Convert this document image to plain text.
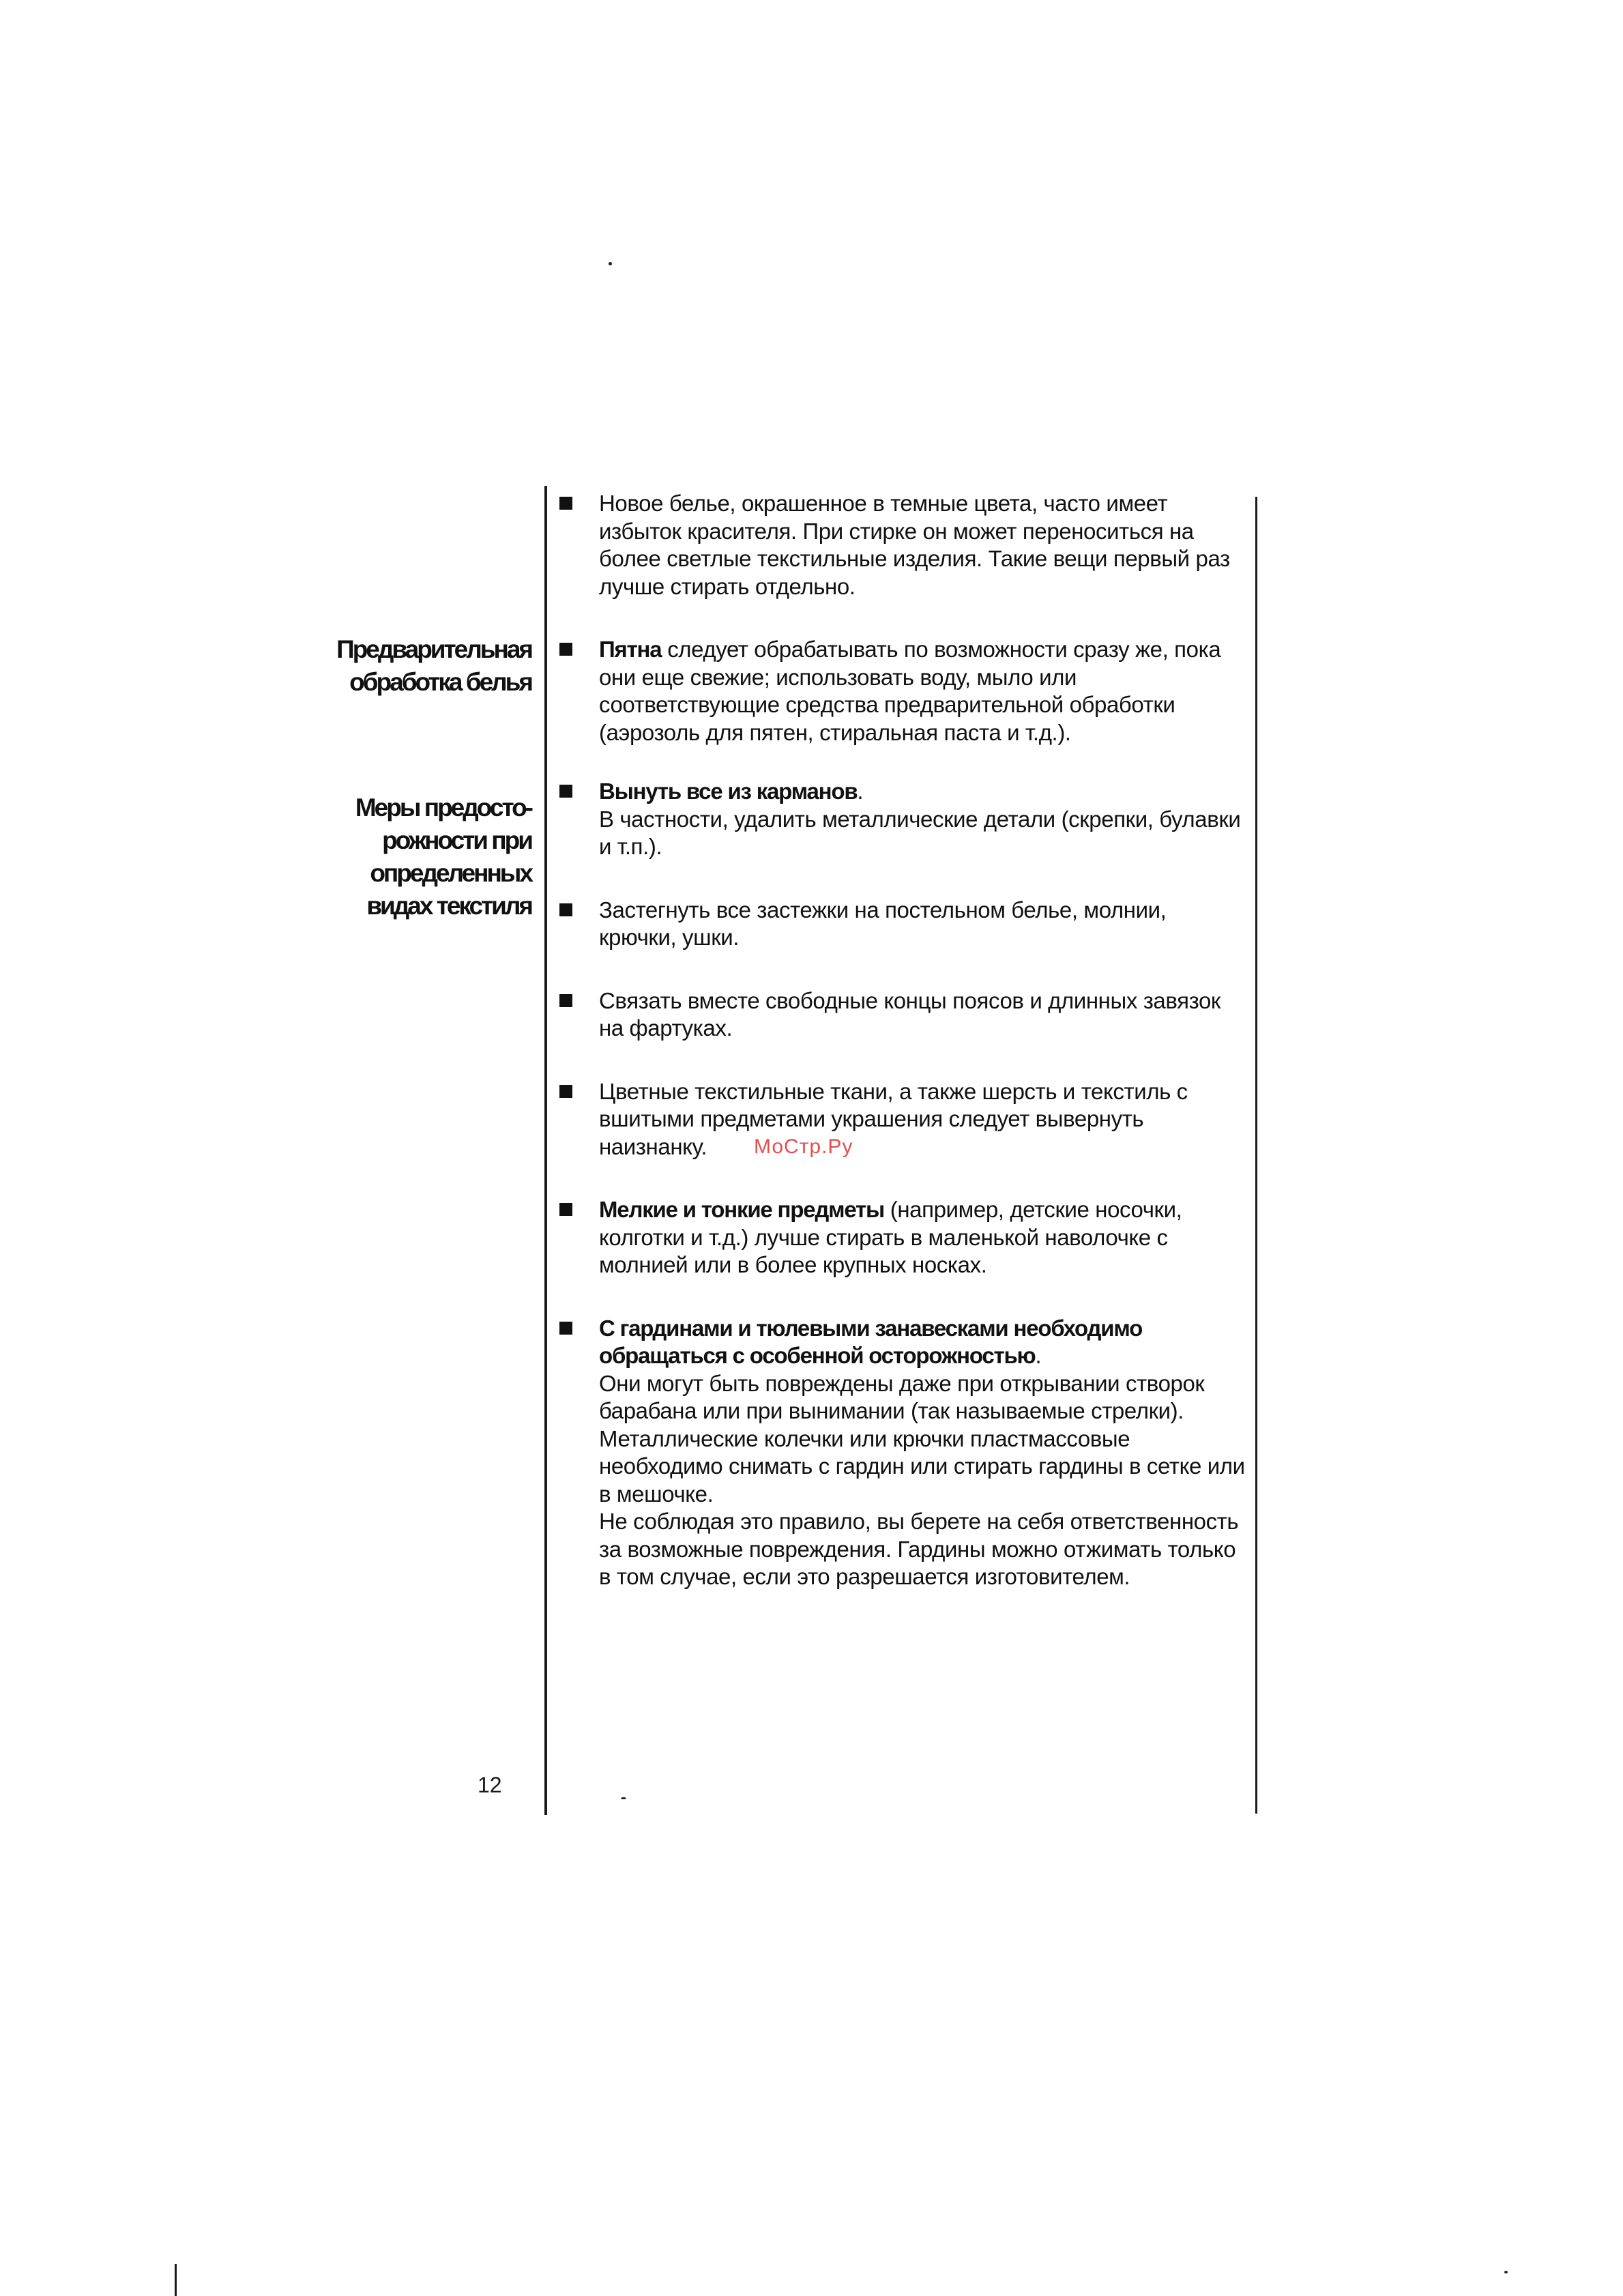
Предварительная
обработка белья
Меры предосто-
рожности при
определенных
видах текстиля

Новое белье, окрашенное в темные цвета, часто имеет избыток красителя. При стирке он может переноситься на более светлые текстильные изделия. Такие вещи первый раз лучше стирать отдельно.

Пятна следует обрабатывать по возможности сразу же, пока они еще свежие; использовать воду, мыло или соответствующие средства предварительной обработки (аэрозоль для пятен, стиральная паста и т.д.).

Вынуть все из карманов.

В частности, удалить металлические детали (скрепки, булавки и т.п.).

Застегнуть все застежки на постельном белье, молнии, крючки, ушки.

Связать вместе свободные концы поясов и длинных завязок на фартуках.

Цветные текстильные ткани, а также шерсть и текстиль с вшитыми предметами украшения следует вывернуть наизнанку.

Мелкие и тонкие предметы (например, детские носочки, колготки и т.д.) лучше стирать в маленькой наволочке с молнией или в более крупных носках.

С гардинами и тюлевыми занавесками необходимо обращаться с особенной осторожностью.

Они могут быть повреждены даже при открывании створок барабана или при вынимании (так называемые стрелки).

Металлические колечки или крючки пластмассовые необходимо снимать с гардин или стирать гардины в сетке или в мешочке.

Не соблюдая это правило, вы берете на себя ответственность за возможные повреждения. Гардины можно отжимать только в том случае, если это разрешается изготовителем.

МоСтр.Ру
12
